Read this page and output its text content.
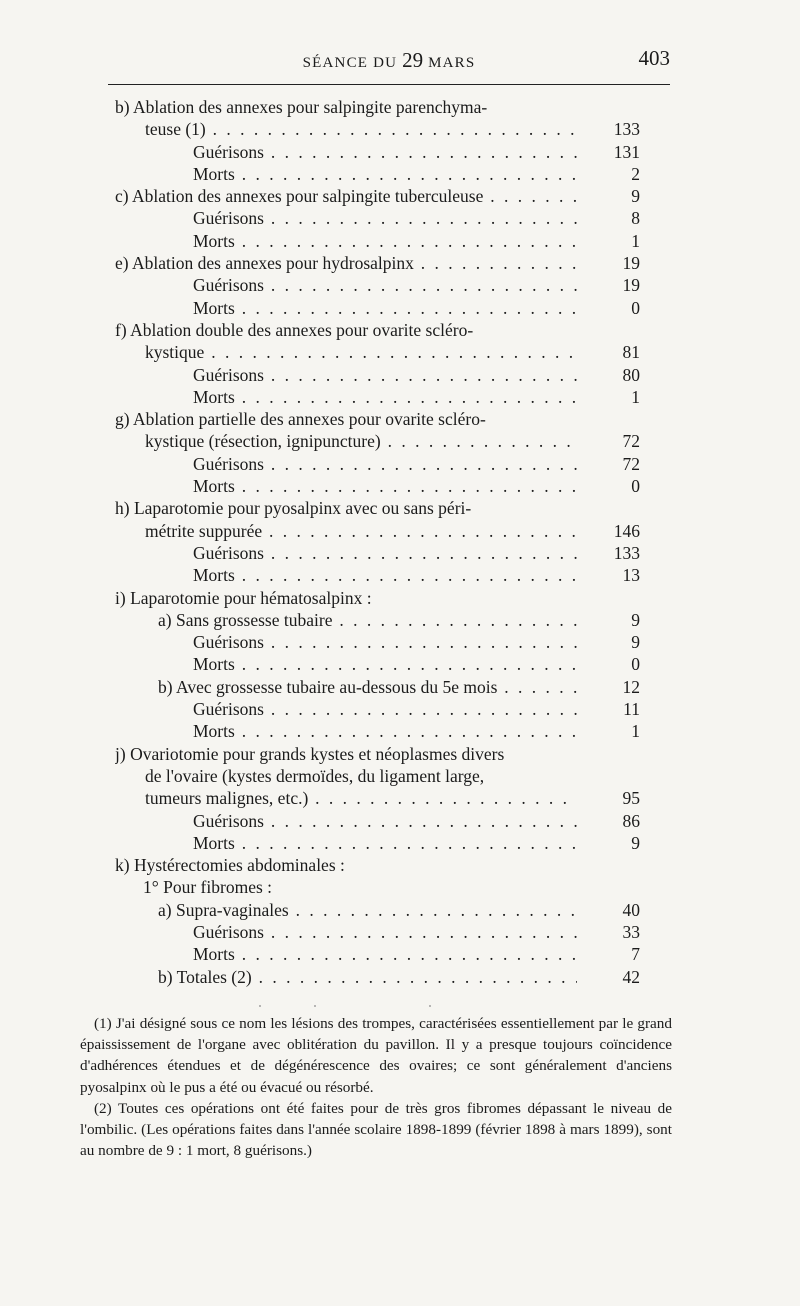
SÉANCE DU 29 MARS	403
b) Ablation des annexes pour salpingite parenchyma-
teuse (1) . . .	133
Guérisons . . .	131
Morts . . .	2
c) Ablation des annexes pour salpingite tuberculeuse . . .	9
Guérisons . . .	8
Morts . . .	1
e) Ablation des annexes pour hydrosalpinx . . .	19
Guérisons . . .	19
Morts . . .	0
f) Ablation double des annexes pour ovarite scléro-
kystique . . .	81
Guérisons . . .	80
Morts . . .	1
g) Ablation partielle des annexes pour ovarite scléro-
kystique (résection, ignipuncture) . . .	72
Guérisons . . .	72
Morts . . .	0
h) Laparotomie pour pyosalpinx avec ou sans péri-
métrite suppurée . . .	146
Guérisons . . .	133
Morts . . .	13
i) Laparotomie pour hématosalpinx :
a) Sans grossesse tubaire . . .	9
Guérisons . . .	9
Morts . . .	0
b) Avec grossesse tubaire au-dessous du 5e mois . . .	12
Guérisons . . .	11
Morts . . .	1
j) Ovariotomie pour grands kystes et néoplasmes divers
de l'ovaire (kystes dermoïdes, du ligament large,
tumeurs malignes, etc.) . . .	95
Guérisons . . .	86
Morts . . .	9
k) Hystérectomies abdominales :
1° Pour fibromes :
a) Supra-vaginales . . .	40
Guérisons . . .	33
Morts . . .	7
b) Totales (2) . . .	42

(1) J'ai désigné sous ce nom les lésions des trompes, caractérisées essentiellement par le grand épaississement de l'organe avec oblitération du pavillon. Il y a presque toujours coïncidence d'adhérences étendues et de dégénérescence des ovaires; ce sont généralement d'anciens pyosalpinx où le pus a été ou évacué ou résorbé.

(2) Toutes ces opérations ont été faites pour de très gros fibromes dépassant le niveau de l'ombilic. (Les opérations faites dans l'année scolaire 1898-1899 (février 1898 à mars 1899), sont au nombre de 9 : 1 mort, 8 guérisons.)
